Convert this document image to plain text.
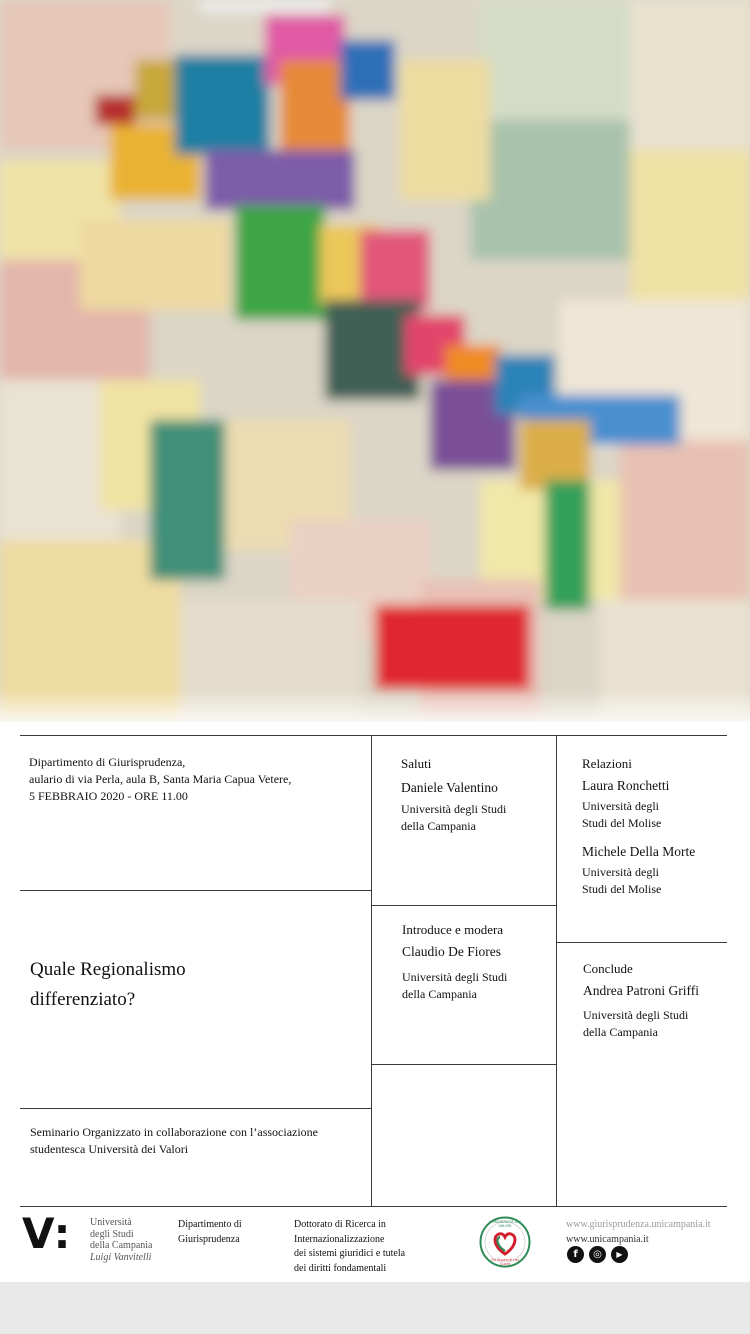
Dipartimento di Giurisprudenza,
aulario di via Perla, aula B, Santa Maria Capua Vetere,
5 FEBBRAIO 2020 - ORE 11.00
Quale Regionalismo
differenziato?
Seminario Organizzato in collaborazione con l’associazione
studentesca Università dei Valori
Saluti
Daniele Valentino
Università degli Studi
della Campania
Introduce e modera
Claudio De Fiores
Università degli Studi
della Campania
Relazioni
Laura Ronchetti
Università degli
Studi del Molise
Michele Della Morte
Università degli
Studi del Molise
Conclude
Andrea Patroni Griffi
Università degli Studi
della Campania
V: Università
degli Studi
della Campania
Luigi Vanvitelli
Dipartimento di
Giurisprudenza
Dottorato di Ricerca in
Internazionalizzazione
dei sistemi giuridici e tutela
dei diritti fondamentali
L'UNIVERSITÀ DEI VALORI
Gli Studenti nel Cuore
www.giurisprudenza.unicampania.it
www.unicampania.it
f	◎	▶
